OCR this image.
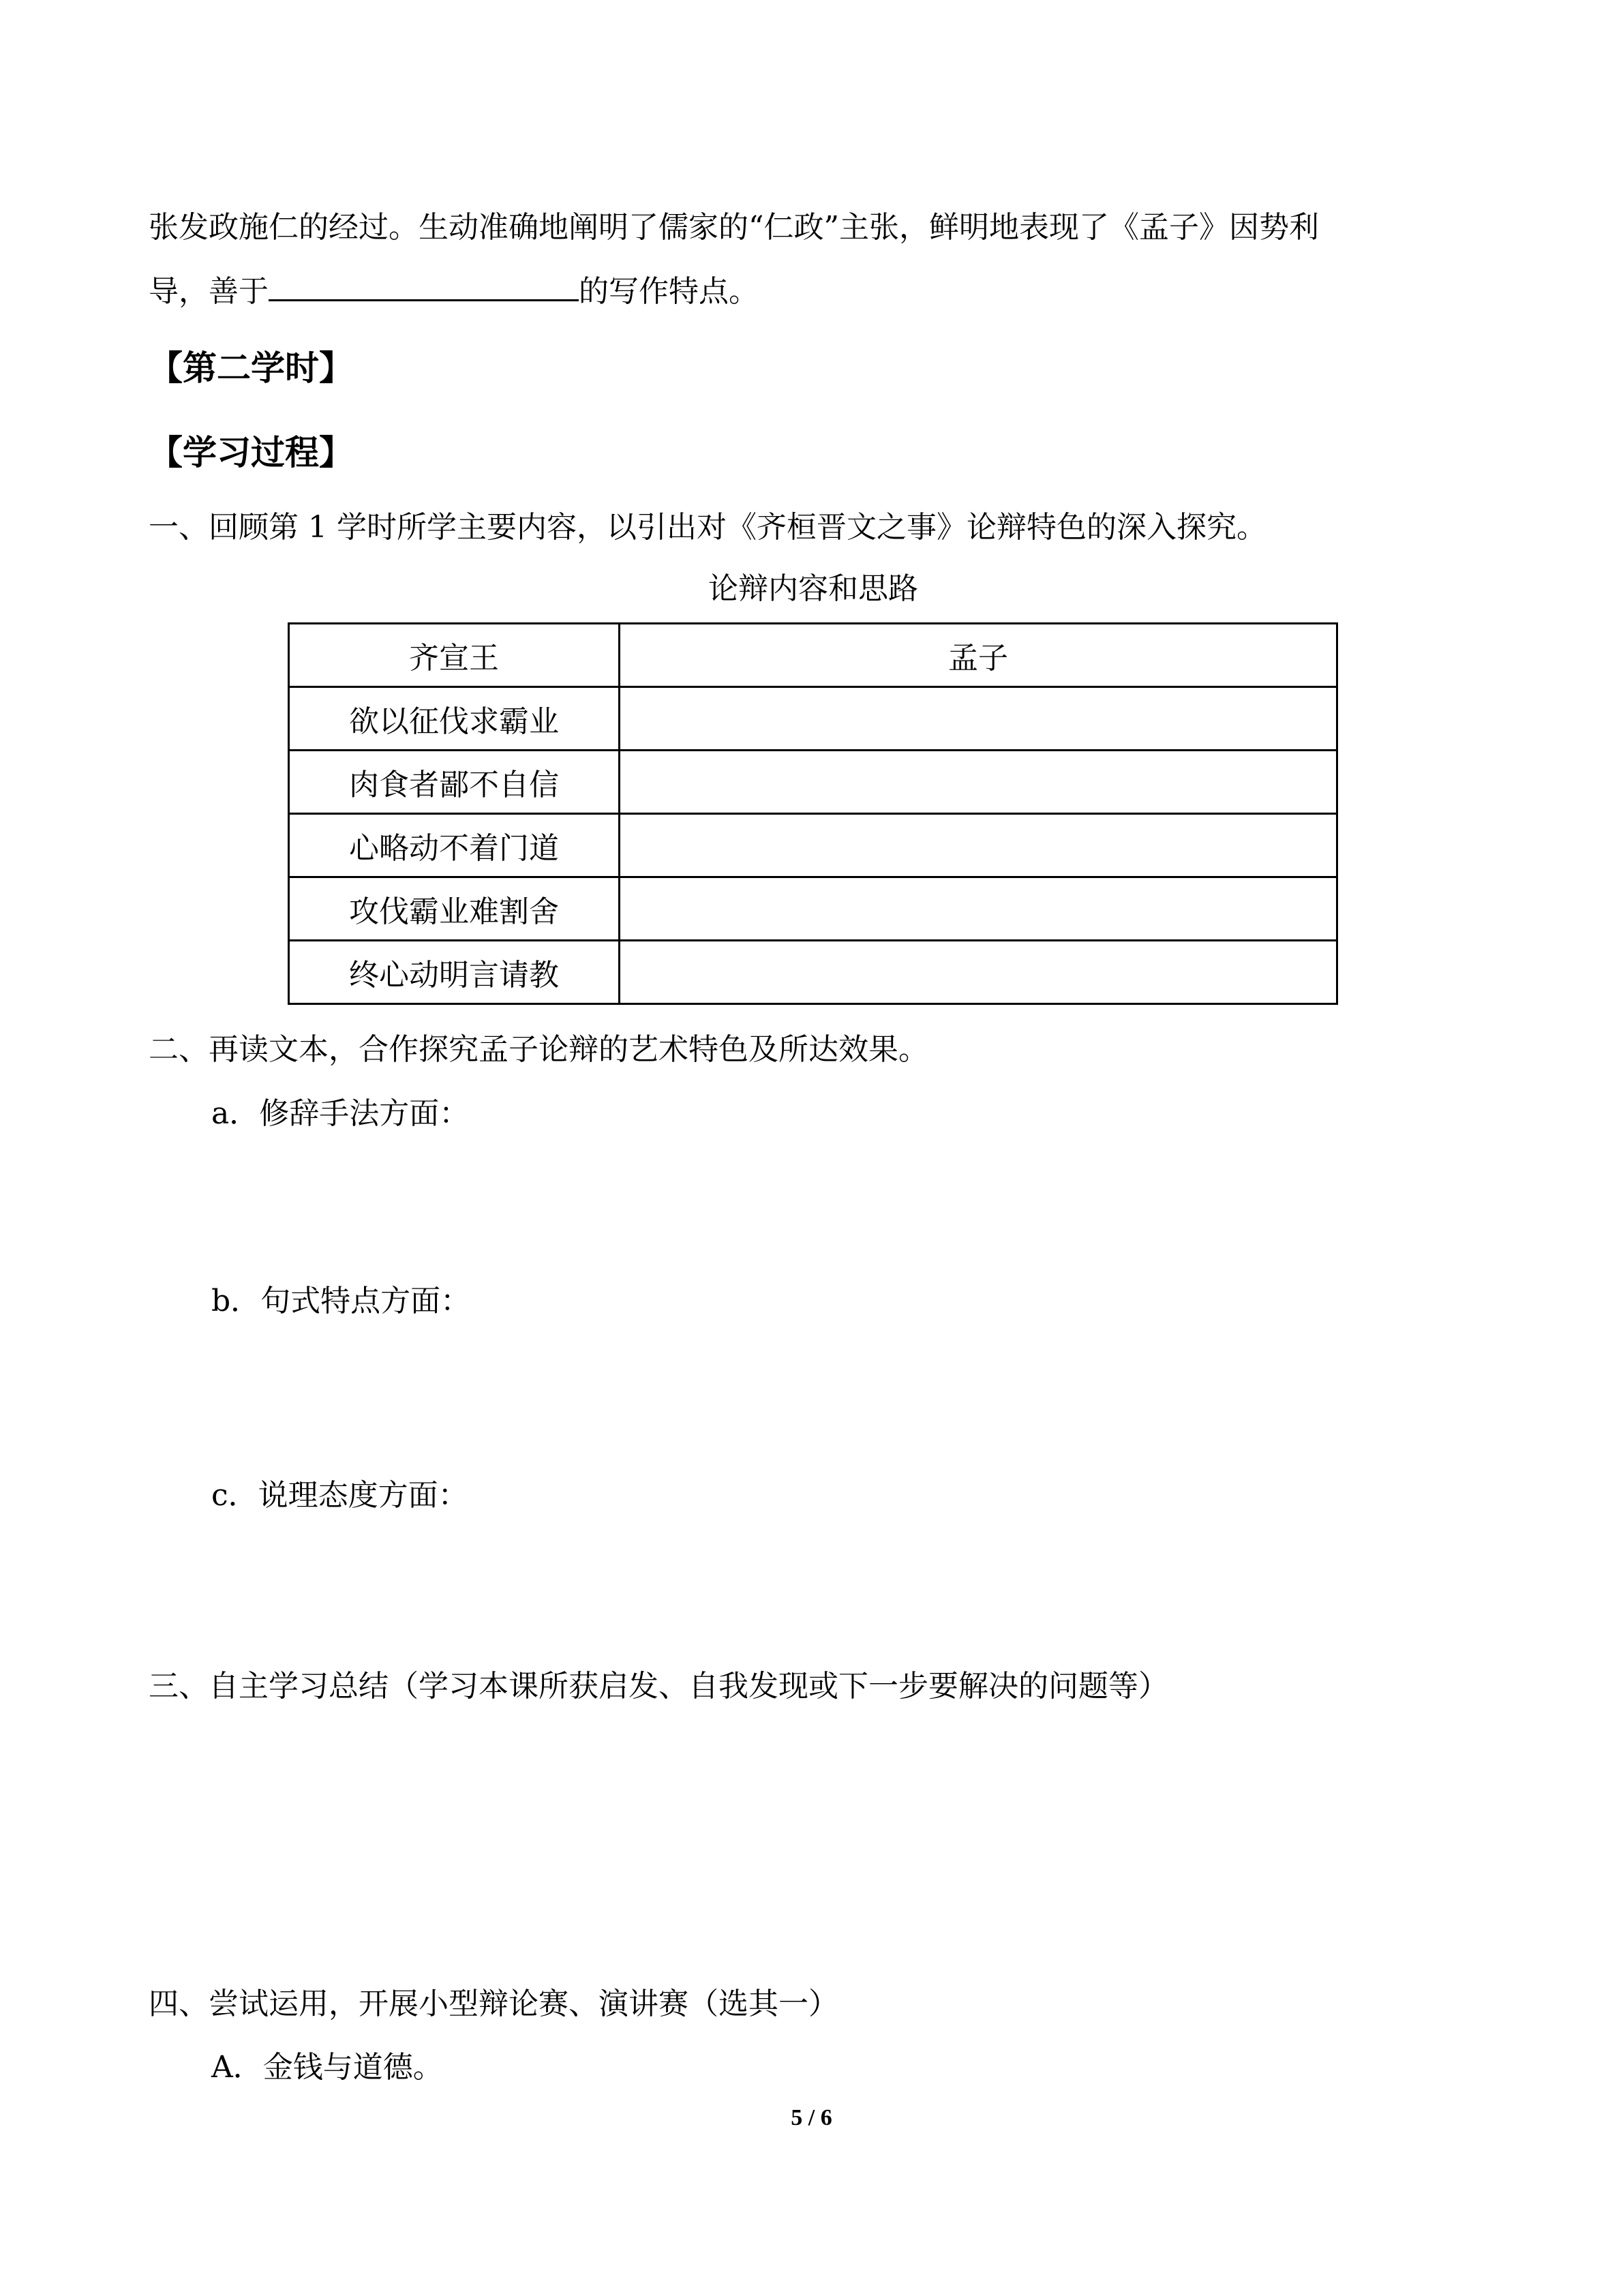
张发政施仁的经过。生动准确地阐明了儒家的“仁政”主张，鲜明地表现了《孟子》因势利

导，善于	的写作特点。

【第二学时】

【学习过程】

一、回顾第 1 学时所学主要内容，以引出对《齐桓晋文之事》论辩特色的深入探究。

论辩内容和思路

齐宣王	孟子
欲以征伐求霸业	
肉食者鄙不自信	
心略动不着门道	
攻伐霸业难割舍	
终心动明言请教	

二、再读文本，合作探究孟子论辩的艺术特色及所达效果。

a．修辞手法方面：

b．句式特点方面：

c．说理态度方面：

三、自主学习总结（学习本课所获启发、自我发现或下一步要解决的问题等）

四、尝试运用，开展小型辩论赛、演讲赛（选其一）

A．金钱与道德。

5 / 6
